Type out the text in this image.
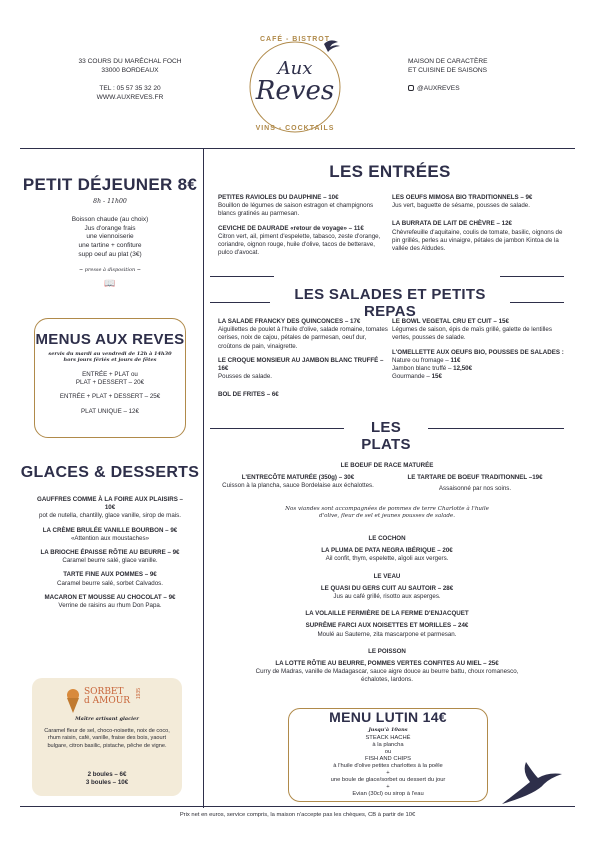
33 COURS DU MARÉCHAL FOCH
33000 BORDEAUX
TEL : 05 57 35 32 20
WWW.AUXREVES.FR
CAFÉ - BISTROT
Aux
Reves
VINS - COCKTAILS
MAISON DE CARACTÈRE
ET CUISINE DE SAISONS
@AUXREVES
PETIT DÉJEUNER 8€
8h - 11h00
Boisson chaude (au choix)
Jus d'orange frais
une viennoiserie
une tartine + confiture
supp oeuf au plat (3€)
~ presse à disposition ~
📖
MENUS AUX REVES
servis du mardi au vendredi de 12h à 14h30
hors jours fériés et jours de fêtes
ENTRÉE + PLAT ou
PLAT + DESSERT – 20€
ENTRÉE + PLAT + DESSERT – 25€
PLAT UNIQUE – 12€
GLACES & DESSERTS
GAUFFRES COMME À LA FOIRE AUX PLAISIRS – 10€
pot de nutella, chantilly, glace vanille, sirop de mais.
LA CRÈME BRULÉE VANILLE BOURBON – 9€
«Attention aux moustaches»
LA BRIOCHE ÉPAISSE RÔTIE AU BEURRE – 9€
Caramel beurre salé, glace vanille.
TARTE FINE AUX POMMES – 9€
Caramel beurre salé, sorbet Calvados.
MACARON ET MOUSSE AU CHOCOLAT – 9€
Verrine de raisins au rhum Don Papa.
SORBET
d AMOUR
1935
Maître artisant glacier
Caramel fleur de sel, choco-noisette, noix de coco, rhum raisin, café, vanille, fraise des bois, yaourt bulgare, citron basilic, pistache, pêche de vigne.
2 boules – 6€
3 boules – 10€
LES ENTRÉES
PETITES RAVIOLES DU DAUPHINE – 10€
Bouillon de légumes de saison estragon et champignons blancs gratinés au parmesan.
CEVICHE DE DAURADE «retour de voyage» – 11€
Citron vert, ail, piment d'espelette, tabasco, zeste d'orange, coriandre, oignon rouge, huile d'olive, tacos de betterave, pulco d'avocat.
LES OEUFS MIMOSA BIO TRADITIONNELS – 9€
Jus vert, baguette de sésame, pousses de salade.
LA BURRATA DE LAIT DE CHÈVRE – 12€
Chèvrefeuille d'aquitaine, coulis de tomate, basilic, oignons de pin grillés, perles au vinaigre, pétales de jambon Kintoa de la vallée des Aldudes.
LES SALADES ET PETITS REPAS
LA SALADE FRANCKY DES QUINCONCES – 17€
Aiguillettes de poulet à l'huile d'olive, salade romaine, tomates cerises, noix de cajou, pétales de parmesan, oeuf dur, croûtons de pain, vinaigrette.
LE CROQUE MONSIEUR AU JAMBON BLANC TRUFFÉ – 16€
Pousses de salade.
BOL DE FRITES – 6€
LE BOWL VEGETAL CRU ET CUIT – 15€
Légumes de saison, épis de maïs grillé, galette de lentilles vertes, pousses de salade.
L'OMELLETTE AUX OEUFS BIO, POUSSES DE SALADES :
Nature ou fromage – 11€
Jambon blanc truffé – 12,50€
Gourmande – 15€
LES PLATS
LE BOEUF DE RACE MATURÉE
L'ENTRECÔTE MATURÉE (350g) – 30€
Cuisson à la plancha, sauce Bordelaise aux échalottes.
LE TARTARE DE BOEUF TRADITIONNEL –19€
Assaisonné par nos soins.
Nos viandes sont accompagnées de pommes de terre Charlotte à l'huile
d'olive, fleur de sel et jeunes pousses de salade.
LE COCHON
LA PLUMA DE PATA NEGRA IBÉRIQUE – 20€
Ail confit, thym, espelette, aïgoli aux vergers.
LE VEAU
LE QUASI DU GERS CUIT AU SAUTOIR – 28€
Jus au café grillé, risotto aux asperges.
LA VOLAILLE FERMIÈRE DE LA FERME D'ENJACQUET
SUPRÊME FARCI AUX NOISETTES ET MORILLES – 24€
Moulé au Sauterne, zita mascarpone et parmesan.
LE POISSON
LA LOTTE RÔTIE AU BEURRE, POMMES VERTES CONFITES AU MIEL – 25€
Curry de Madras, vanille de Madagascar, sauce aigre douce au beurre battu, choux romanesco,
échalotes, lardons.
MENU LUTIN 14€
Jusqu'à 10ans
STEACK HACHÉ
à la plancha
ou
FISH AND CHIPS
à l'huile d'olive petites charlottes à la poêle
+
une boule de glace/sorbet ou dessert du jour
+
Evian (30cl) ou sirop à l'eau
Prix net en euros, service compris, la maison n'accepte pas les chèques, CB à partir de 10€
